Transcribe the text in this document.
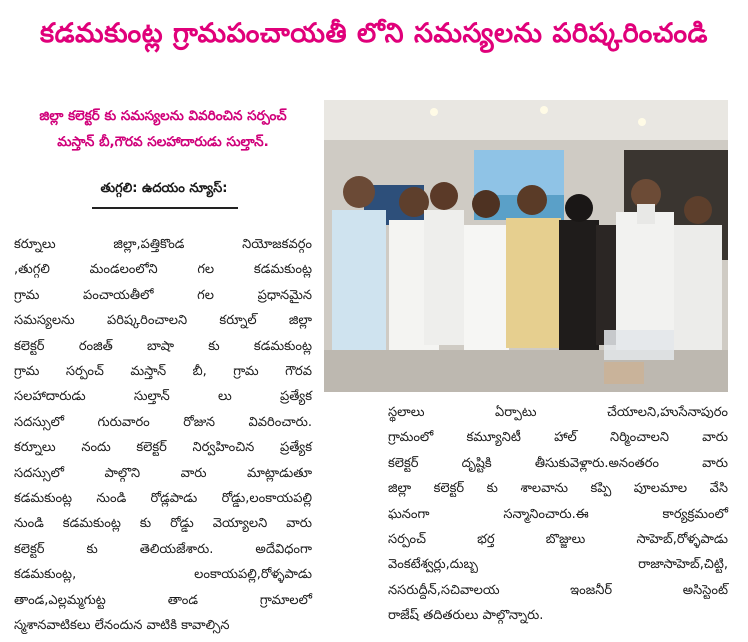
కడమకుంట్ల గ్రామపంచాయతీ లోని సమస్యలను పరిష్కరించండి
జిల్లా కలెక్టర్ కు సమస్యలను వివరించిన సర్పంచ్
మస్తాన్ బీ,గౌరవ సలహాదారుడు సుల్తాన్.
తుగ్గలి: ఉదయం న్యూస్:

కర్నూలు జిల్లా,పత్తికొండ నియోజకవర్గం

,తుగ్గలి మండలంలోని గల కడమకుంట్ల

గ్రామ పంచాయతీలో గల ప్రధానమైన

సమస్యలను పరిష్కరించాలని కర్నూల్ జిల్లా

కలెక్టర్ రంజిత్ బాషా కు కడమకుంట్ల

గ్రామ సర్పంచ్ మస్తాన్ బీ, గ్రామ గౌరవ

సలహాదారుడు సుల్తాన్ లు ప్రత్యేక

సదస్సులో గురువారం రోజున వివరించారు.

కర్నూలు నందు కలెక్టర్ నిర్వహించిన ప్రత్యేక

సదస్సులో పాల్గొని వారు మాట్లాడుతూ

కడమకుంట్ల నుండి రోడ్లపాడు రోడ్డు,లంకాయపల్లి

నుండి కడమకుంట్ల కు రోడ్డు వెయ్యాలని వారు

కలెక్టర్ కు తెలియజేశారు. అదేవిధంగా

కడమకుంట్ల, లంకాయపల్లి,రోళ్ళపాడు

తాండ,ఎల్లమ్మగుట్ట తాండ గ్రామాలలో

స్మశానవాటికలు లేనందున వాటికి కావాల్సిన

స్థలాలు ఏర్పాటు చేయాలని,హుసేనాపురం

గ్రామంలో కమ్యూనిటీ హాల్ నిర్మించాలని వారు

కలెక్టర్ దృష్టికి తీసుకువెళ్లారు.అనంతరం వారు

జిల్లా కలెక్టర్ కు శాలవాను కప్పి పూలమాల వేసి

ఘనంగా సన్మానించారు.ఈ కార్యక్రమంలో

సర్పంచ్ భర్త బొజ్జులు సాహెబ్,రోళ్ళపాడు

వెంకటేశ్వర్లు,దుబ్బ రాజాసాహెబ్,చిట్టి,

నసరుద్దీన్,సచివాలయ ఇంజనీర్ అసిస్టెంట్

రాజేష్ తదితరులు పాల్గొన్నారు.
